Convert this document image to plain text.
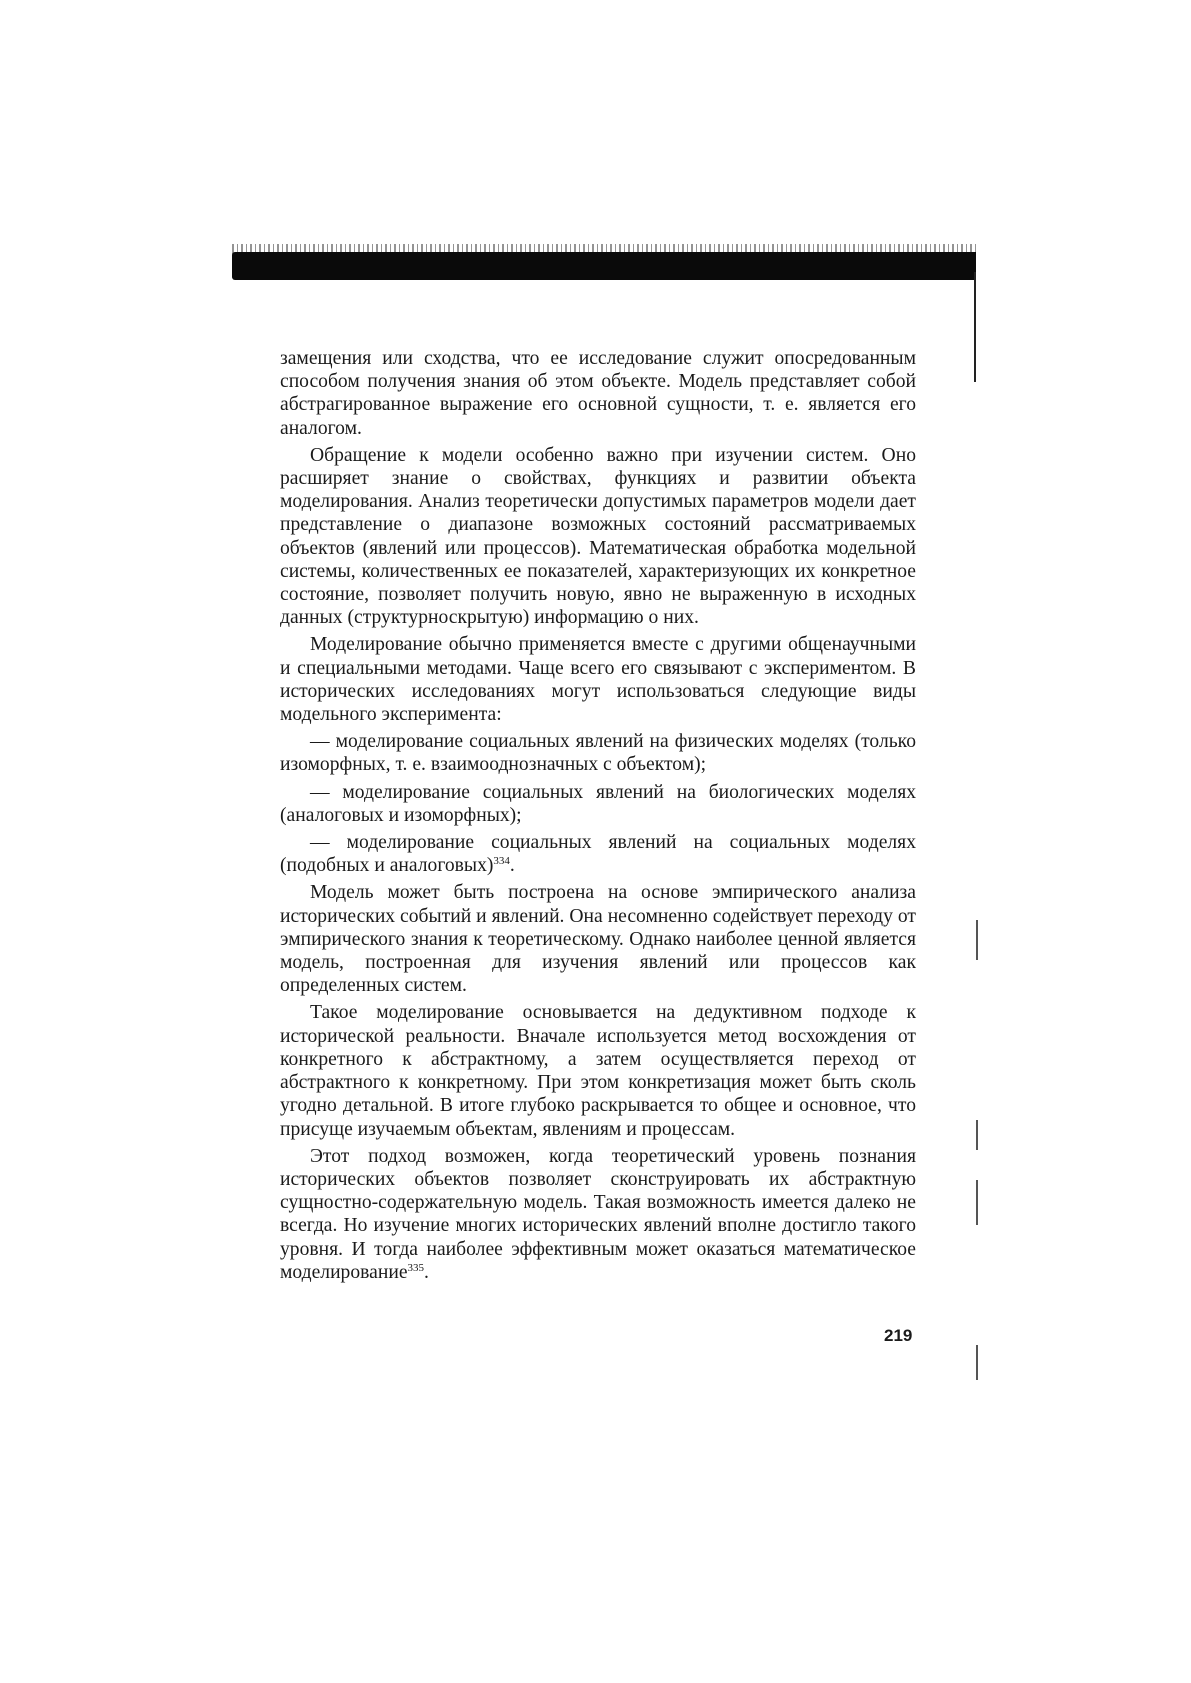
замещения или сходства, что ее исследование служит опосредованным способом получения знания об этом объекте. Модель представляет собой абстрагированное выражение его основной сущности, т. е. является его аналогом.

Обращение к модели особенно важно при изучении систем. Оно расширяет знание о свойствах, функциях и развитии объекта моделирования. Анализ теоретически допустимых параметров модели дает представление о диапазоне возможных состояний рассматриваемых объектов (явлений или процессов). Математическая обработка модельной системы, количественных ее показателей, характеризующих их конкретное состояние, позволяет получить новую, явно не выраженную в исходных данных (структурноскрытую) информацию о них.

Моделирование обычно применяется вместе с другими общенаучными и специальными методами. Чаще всего его связывают с экспериментом. В исторических исследованиях могут использоваться следующие виды модельного эксперимента:

— моделирование социальных явлений на физических моделях (только изоморфных, т. е. взаимооднозначных с объектом);

— моделирование социальных явлений на биологических моделях (аналоговых и изоморфных);

— моделирование социальных явлений на социальных моделях (подобных и аналоговых)$^{334}$.

Модель может быть построена на основе эмпирического анализа исторических событий и явлений. Она несомненно содействует переходу от эмпирического знания к теоретическому. Однако наиболее ценной является модель, построенная для изучения явлений или процессов как определенных систем.

Такое моделирование основывается на дедуктивном подходе к исторической реальности. Вначале используется метод восхождения от конкретного к абстрактному, а затем осуществляется переход от абстрактного к конкретному. При этом конкретизация может быть сколь угодно детальной. В итоге глубоко раскрывается то общее и основное, что присуще изучаемым объектам, явлениям и процессам.

Этот подход возможен, когда теоретический уровень познания исторических объектов позволяет сконструировать их абстрактную сущностно-содержательную модель. Такая возможность имеется далеко не всегда. Но изучение многих исторических явлений вполне достигло такого уровня. И тогда наиболее эффективным может оказаться математическое моделирование$^{335}$.

219
